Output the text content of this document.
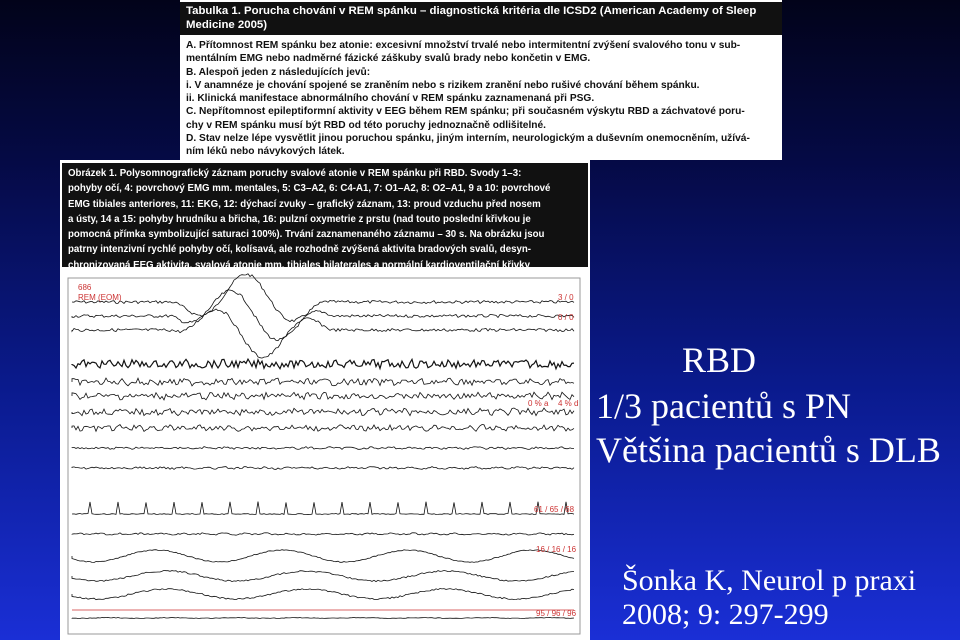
Tabulka 1. Porucha chování v REM spánku – diagnostická kritéria dle ICSD2 (American Academy of Sleep Medicine 2005)

A. Přítomnost REM spánku bez atonie: excesivní množství trvalé nebo intermitentní zvýšení svalového tonu v sub-

mentálním EMG nebo nadměrné fázické záškuby svalů brady nebo končetin v EMG.

B. Alespoň jeden z následujících jevů:

i. V anamnéze je chování spojené se zraněním nebo s rizikem zranění nebo rušivé chování během spánku.

ii. Klinická manifestace abnormálního chování v REM spánku zaznamenaná při PSG.

C. Nepřítomnost epileptiformní aktivity v EEG během REM spánku; při současném výskytu RBD a záchvatové poru-

chy v REM spánku musí být RBD od této poruchy jednoznačně odlišitelné.

D. Stav nelze lépe vysvětlit jinou poruchou spánku, jiným interním, neurologickým a duševním onemocněním, užívá-

ním léků nebo návykových látek.

Obrázek 1. Polysomnografický záznam poruchy svalové atonie v REM spánku při RBD. Svody 1–3:
pohyby očí, 4: povrchový EMG mm. mentales, 5: C3–A2, 6: C4-A1, 7: O1–A2, 8: O2–A1, 9 a 10: povrchové
EMG tibiales anteriores, 11: EKG, 12: dýchací zvuky – grafický záznam, 13: proud vzduchu před nosem
a ústy, 14 a 15: pohyby hrudníku a břicha, 16: pulzní oxymetrie z prstu (nad touto poslední křivkou je
pomocná přímka symbolizující saturaci 100%). Trvání zaznamenaného záznamu – 30 s. Na obrázku jsou
patrny intenzivní rychlé pohyby očí, kolísavá, ale rozhodně zvýšená aktivita bradových svalů, desyn-
chronizovaná EEG aktivita, svalová atonie mm. tibiales bilaterales a normální kardioventilační křivky
686
REM (EOM)	3 / 0
0 / 0
0 % a 4 % d
61 / 65 / 68
16 / 16 / 16
95 / 96 / 96
RBD
1/3 pacientů s PN
Většina pacientů s DLB
Šonka K, Neurol p praxi
2008; 9: 297-299
